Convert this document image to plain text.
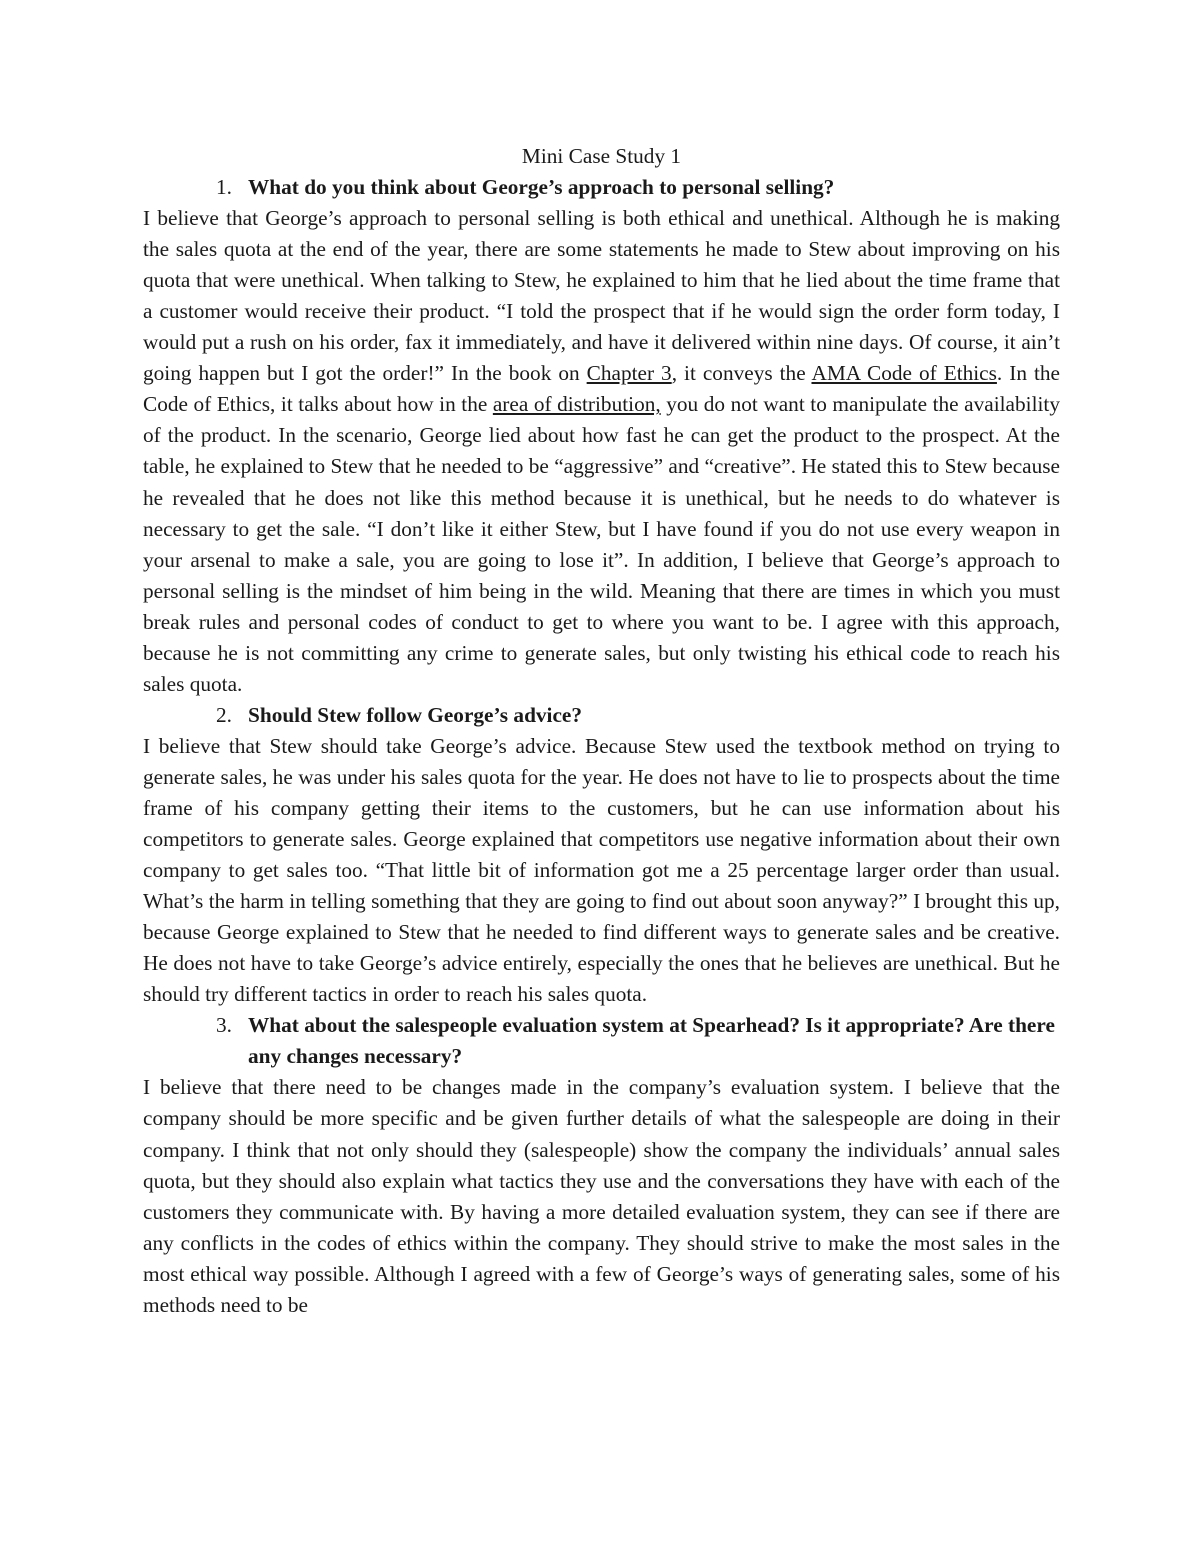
Mini Case Study 1

1. What do you think about George’s approach to personal selling?

I believe that George’s approach to personal selling is both ethical and unethical. Although he is making the sales quota at the end of the year, there are some statements he made to Stew about improving on his quota that were unethical. When talking to Stew, he explained to him that he lied about the time frame that a customer would receive their product. “I told the prospect that if he would sign the order form today, I would put a rush on his order, fax it immediately, and have it delivered within nine days. Of course, it ain’t going happen but I got the order!” In the book on Chapter 3, it conveys the AMA Code of Ethics. In the Code of Ethics, it talks about how in the area of distribution, you do not want to manipulate the availability of the product. In the scenario, George lied about how fast he can get the product to the prospect. At the table, he explained to Stew that he needed to be “aggressive” and “creative”. He stated this to Stew because he revealed that he does not like this method because it is unethical, but he needs to do whatever is necessary to get the sale. “I don’t like it either Stew, but I have found if you do not use every weapon in your arsenal to make a sale, you are going to lose it”. In addition, I believe that George’s approach to personal selling is the mindset of him being in the wild. Meaning that there are times in which you must break rules and personal codes of conduct to get to where you want to be. I agree with this approach, because he is not committing any crime to generate sales, but only twisting his ethical code to reach his sales quota.

2. Should Stew follow George’s advice?

I believe that Stew should take George’s advice. Because Stew used the textbook method on trying to generate sales, he was under his sales quota for the year. He does not have to lie to prospects about the time frame of his company getting their items to the customers, but he can use information about his competitors to generate sales. George explained that competitors use negative information about their own company to get sales too. “That little bit of information got me a 25 percentage larger order than usual. What’s the harm in telling something that they are going to find out about soon anyway?” I brought this up, because George explained to Stew that he needed to find different ways to generate sales and be creative. He does not have to take George’s advice entirely, especially the ones that he believes are unethical. But he should try different tactics in order to reach his sales quota.

3. What about the salespeople evaluation system at Spearhead? Is it appropriate? Are there any changes necessary?

I believe that there need to be changes made in the company’s evaluation system. I believe that the company should be more specific and be given further details of what the salespeople are doing in their company. I think that not only should they (salespeople) show the company the individuals’ annual sales quota, but they should also explain what tactics they use and the conversations they have with each of the customers they communicate with. By having a more detailed evaluation system, they can see if there are any conflicts in the codes of ethics within the company. They should strive to make the most sales in the most ethical way possible. Although I agreed with a few of George’s ways of generating sales, some of his methods need to be
